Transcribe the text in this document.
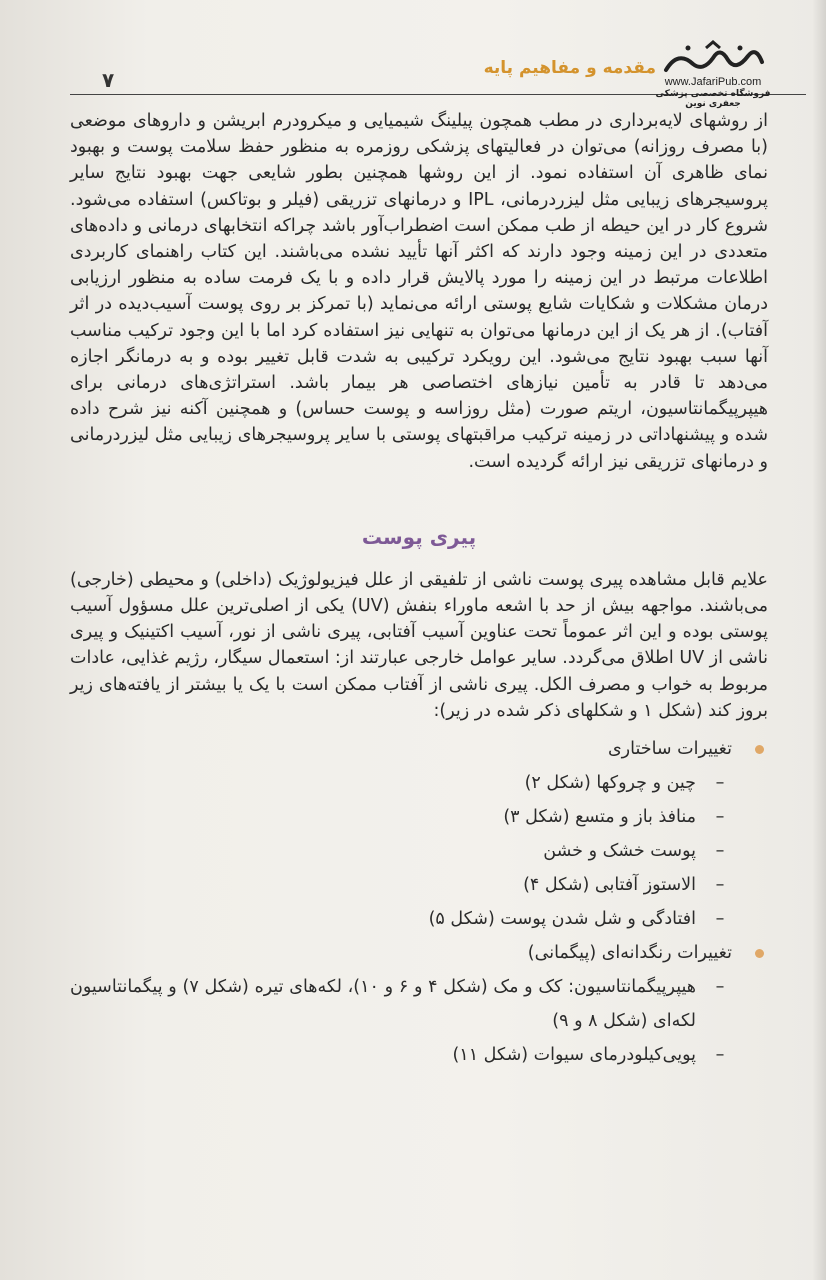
۷	مقدمه و مفاهیم پایه
www.JafariPub.com
فروشگاه تخصصی پزشکی جعفری نوین

از روشهای لایه‌برداری در مطب همچون پیلینگ شیمیایی و میکرودرم ابریشن و داروهای موضعی (با مصرف روزانه) می‌توان در فعالیتهای پزشکی روزمره به منظور حفظ سلامت پوست و بهبود نمای ظاهری آن استفاده نمود. از این روشها همچنین بطور شایعی جهت بهبود نتایج سایر پروسیجرهای زیبایی مثل لیزردرمانی، IPL و درمانهای تزریقی (فیلر و بوتاکس) استفاده می‌شود. شروع کار در این حیطه از طب ممکن است اضطراب‌آور باشد چراکه انتخابهای درمانی و داده‌های متعددی در این زمینه وجود دارند که اکثر آنها تأیید نشده می‌باشند. این کتاب راهنمای کاربردی اطلاعات مرتبط در این زمینه را مورد پالایش قرار داده و با یک فرمت ساده به منظور ارزیابی درمان مشکلات و شکایات شایع پوستی ارائه می‌نماید (با تمرکز بر روی پوست آسیب‌دیده در اثر آفتاب). از هر یک از این درمانها می‌توان به تنهایی نیز استفاده کرد اما با این وجود ترکیب مناسب آنها سبب بهبود نتایج می‌شود. این رویکرد ترکیبی به شدت قابل تغییر بوده و به درمانگر اجازه می‌دهد تا قادر به تأمین نیازهای اختصاصی هر بیمار باشد. استراتژی‌های درمانی برای هیپرپیگمانتاسیون، اریتم صورت (مثل روزاسه و پوست حساس) و همچنین آکنه نیز شرح داده شده و پیشنهاداتی در زمینه ترکیب مراقبتهای پوستی با سایر پروسیجرهای زیبایی مثل لیزردرمانی و درمانهای تزریقی نیز ارائه گردیده است.

پیری پوست

علایم قابل مشاهده پیری پوست ناشی از تلفیقی از علل فیزیولوژیک (داخلی) و محیطی (خارجی) می‌باشند. مواجهه بیش از حد با اشعه ماوراء بنفش (UV) یکی از اصلی‌ترین علل مسؤول آسیب پوستی بوده و این اثر عموماً تحت عناوین آسیب آفتابی، پیری ناشی از نور، آسیب اکتینیک و پیری ناشی از UV اطلاق می‌گردد. سایر عوامل خارجی عبارتند از: استعمال سیگار، رژیم غذایی، عادات مربوط به خواب و مصرف الکل. پیری ناشی از آفتاب ممکن است با یک یا بیشتر از یافته‌های زیر بروز کند (شکل ۱ و شکلهای ذکر شده در زیر):

تغییرات ساختاری
–
چین و چروکها (شکل ۲)
–
منافذ باز و متسع (شکل ۳)
–
پوست خشک و خشن
–
الاستوز آفتابی (شکل ۴)
–
افتادگی و شل شدن پوست (شکل ۵)
تغییرات رنگدانه‌ای (پیگمانی)
–
هیپرپیگمانتاسیون: کک و مک (شکل ۴ و ۶ و ۱۰)، لکه‌های تیره (شکل ۷) و پیگمانتاسیون لکه‌ای (شکل ۸ و ۹)
–
پویی‌کیلودرمای سیوات (شکل ۱۱)
